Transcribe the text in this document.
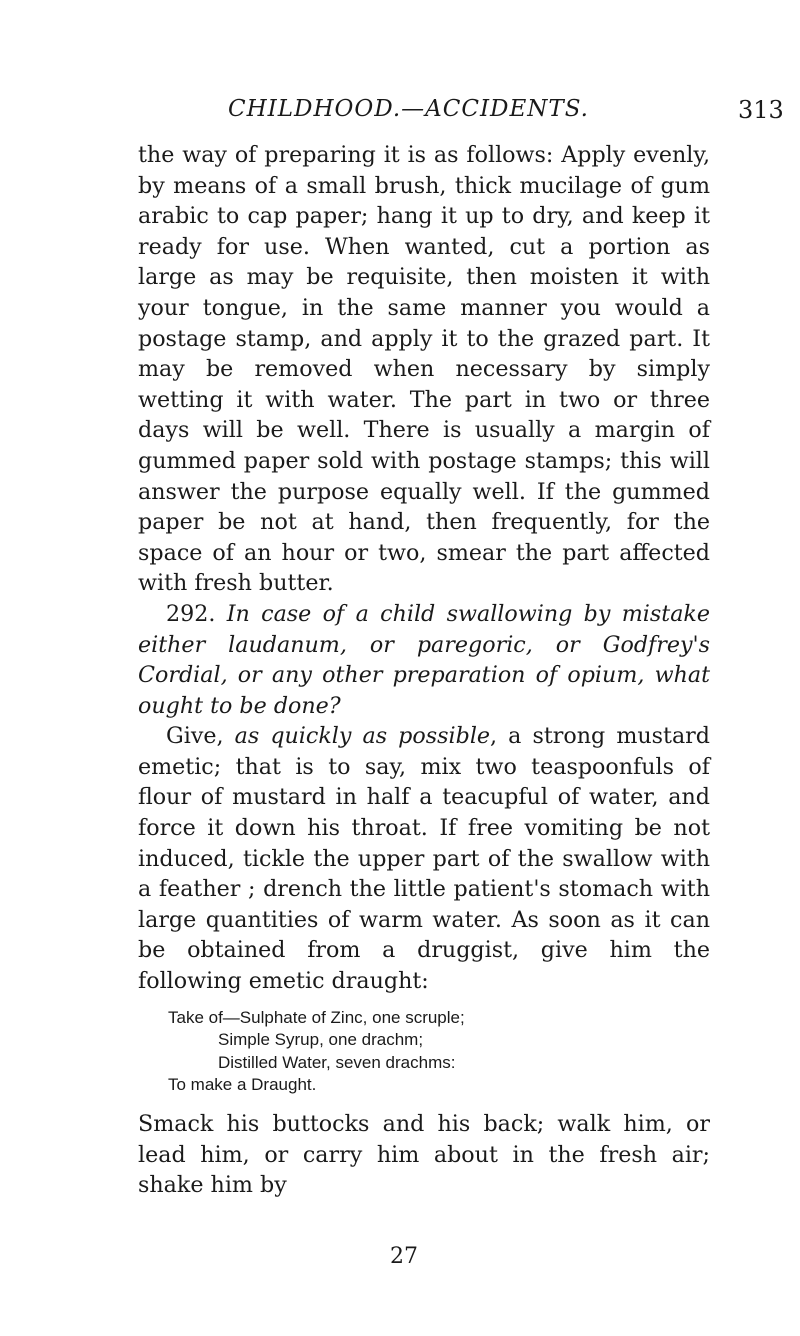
CHILDHOOD.—ACCIDENTS.	313

the way of preparing it is as follows: Apply evenly, by means of a small brush, thick mucilage of gum arabic to cap paper; hang it up to dry, and keep it ready for use. When wanted, cut a portion as large as may be requisite, then moisten it with your tongue, in the same manner you would a postage stamp, and apply it to the grazed part. It may be removed when necessary by simply wetting it with water. The part in two or three days will be well. There is usually a margin of gummed paper sold with postage stamps; this will answer the purpose equally well. If the gummed paper be not at hand, then frequently, for the space of an hour or two, smear the part affected with fresh butter.

292. In case of a child swallowing by mistake either laudanum, or paregoric, or Godfrey's Cordial, or any other preparation of opium, what ought to be done?

Give, as quickly as possible, a strong mustard emetic; that is to say, mix two teaspoonfuls of flour of mustard in half a teacupful of water, and force it down his throat. If free vomiting be not induced, tickle the upper part of the swallow with a feather ; drench the little patient's stomach with large quantities of warm water. As soon as it can be obtained from a druggist, give him the following emetic draught:

Take of—Sulphate of Zinc, one scruple;
Simple Syrup, one drachm;
Distilled Water, seven drachms:
To make a Draught.

Smack his buttocks and his back; walk him, or lead him, or carry him about in the fresh air; shake him by

27
